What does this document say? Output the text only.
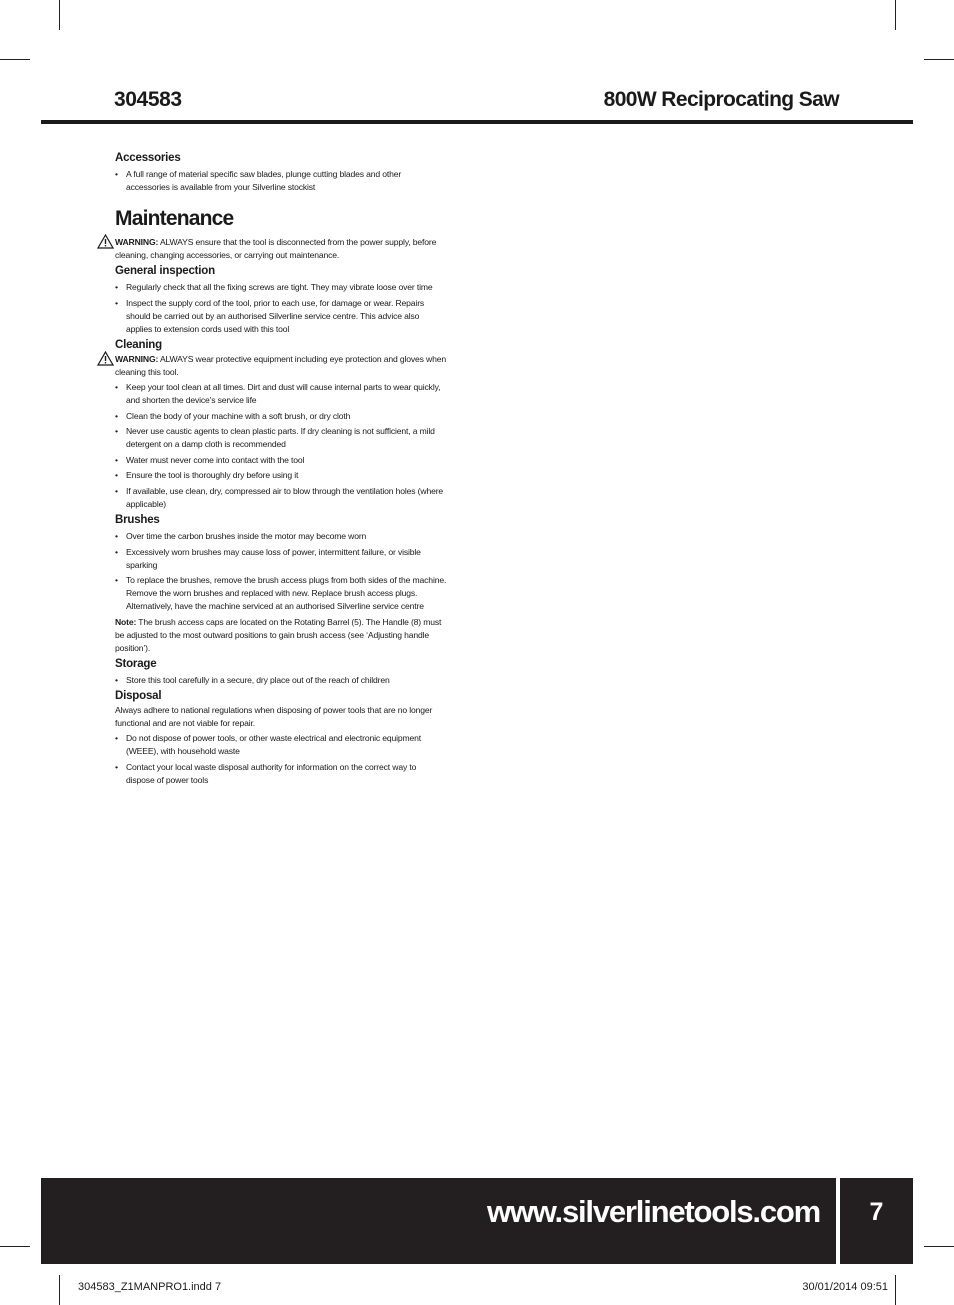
304583	800W Reciprocating Saw
Accessories
• A full range of material specific saw blades, plunge cutting blades and other accessories is available from your Silverline stockist
Maintenance
WARNING: ALWAYS ensure that the tool is disconnected from the power supply, before cleaning, changing accessories, or carrying out maintenance.
General inspection
• Regularly check that all the fixing screws are tight. They may vibrate loose over time
• Inspect the supply cord of the tool, prior to each use, for damage or wear. Repairs should be carried out by an authorised Silverline service centre. This advice also applies to extension cords used with this tool
Cleaning
WARNING: ALWAYS wear protective equipment including eye protection and gloves when cleaning this tool.
• Keep your tool clean at all times. Dirt and dust will cause internal parts to wear quickly, and shorten the device’s service life
• Clean the body of your machine with a soft brush, or dry cloth
• Never use caustic agents to clean plastic parts. If dry cleaning is not sufficient, a mild detergent on a damp cloth is recommended
• Water must never come into contact with the tool
• Ensure the tool is thoroughly dry before using it
• If available, use clean, dry, compressed air to blow through the ventilation holes (where applicable)
Brushes
• Over time the carbon brushes inside the motor may become worn
• Excessively worn brushes may cause loss of power, intermittent failure, or visible sparking
• To replace the brushes, remove the brush access plugs from both sides of the machine. Remove the worn brushes and replaced with new. Replace brush access plugs. Alternatively, have the machine serviced at an authorised Silverline service centre

Note: The brush access caps are located on the Rotating Barrel (5). The Handle (8) must be adjusted to the most outward positions to gain brush access (see ‘Adjusting handle position’).

Storage
• Store this tool carefully in a secure, dry place out of the reach of children
Disposal

Always adhere to national regulations when disposing of power tools that are no longer functional and are not viable for repair.

• Do not dispose of power tools, or other waste electrical and electronic equipment (WEEE), with household waste
• Contact your local waste disposal authority for information on the correct way to dispose of power tools
www.silverlinetools.com	7
304583_Z1MANPRO1.indd 7	30/01/2014 09:51
